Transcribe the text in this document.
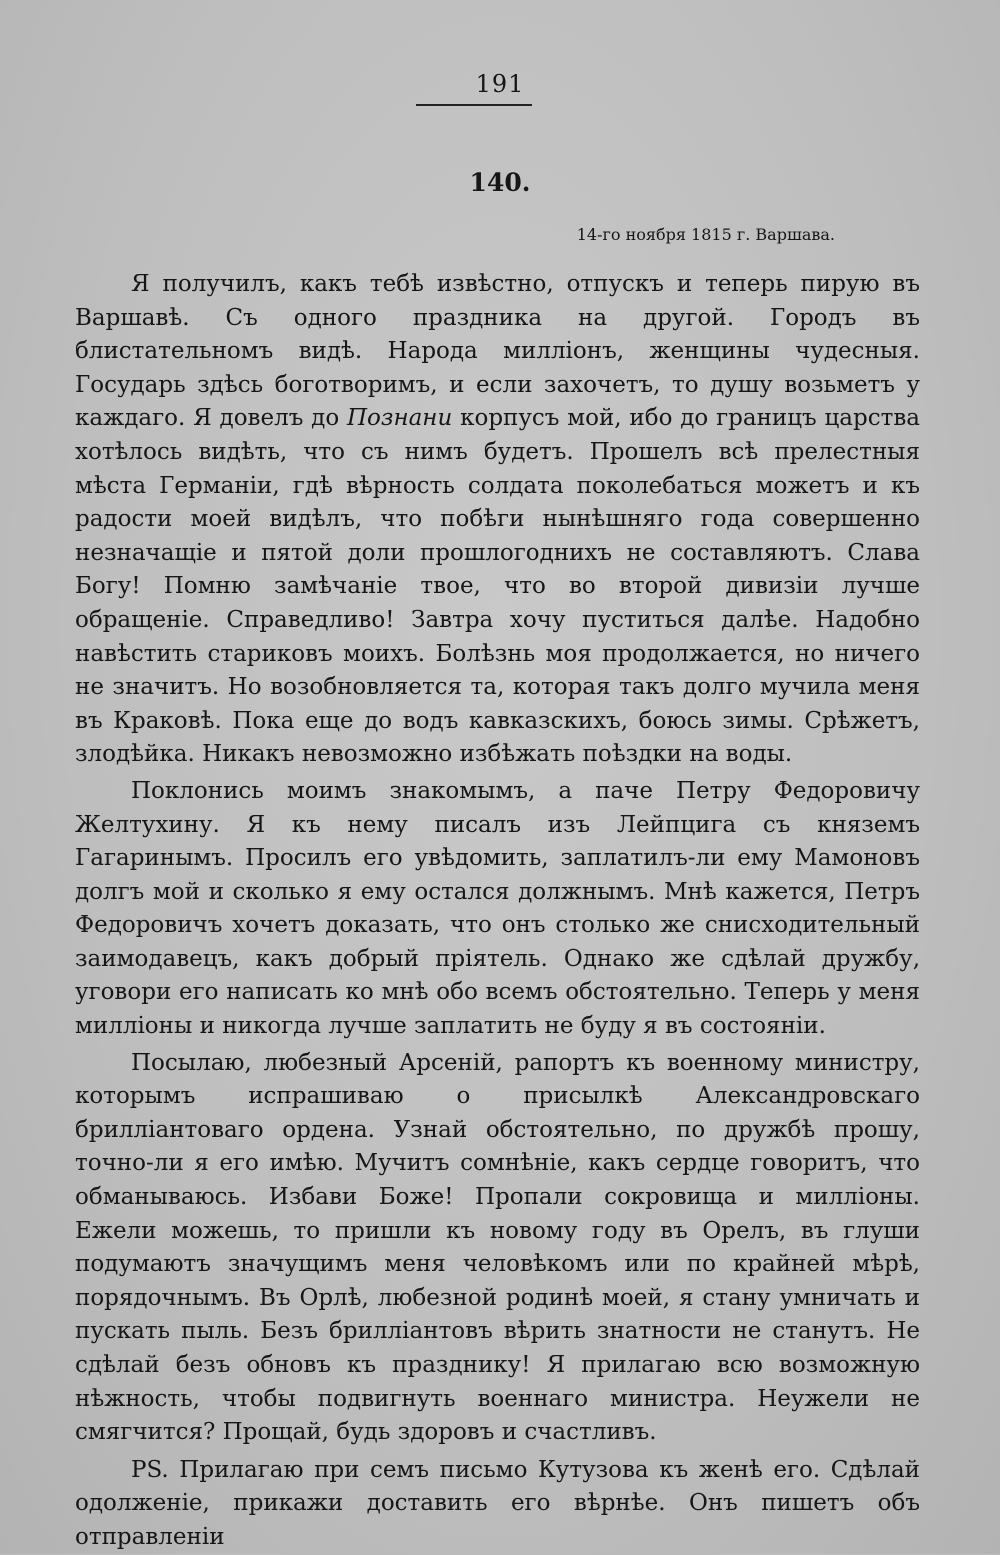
191
140.
14-го ноября 1815 г. Варшава.

Я получилъ, какъ тебѣ извѣстно, отпускъ и теперь пирую въ Варшавѣ. Съ одного праздника на другой. Городъ въ блистательномъ видѣ. Народа милліонъ, женщины чудесныя. Государь здѣсь боготворимъ, и если захочетъ, то душу возьметъ у каждаго. Я довелъ до Познани корпусъ мой, ибо до границъ царства хотѣлось видѣть, что съ нимъ будетъ. Прошелъ всѣ прелестныя мѣста Германіи, гдѣ вѣрность солдата поколебаться можетъ и къ радости моей видѣлъ, что побѣги нынѣшняго года совершенно незначащіе и пятой доли прошлогоднихъ не составляютъ. Слава Богу! Помню замѣчаніе твое, что во второй дивизіи лучше обращеніе. Справедливо! Завтра хочу пуститься далѣе. Надобно навѣстить стариковъ моихъ. Болѣзнь моя продолжается, но ничего не значитъ. Но возобновляется та, которая такъ долго мучила меня въ Краковѣ. Пока еще до водъ кавказскихъ, боюсь зимы. Срѣжетъ, злодѣйка. Никакъ невозможно избѣжать поѣздки на воды.

Поклонись моимъ знакомымъ, а паче Петру Федоровичу Желтухину. Я къ нему писалъ изъ Лейпцига съ княземъ Гагаринымъ. Просилъ его увѣдомить, заплатилъ-ли ему Мамоновъ долгъ мой и сколько я ему остался должнымъ. Мнѣ кажется, Петръ Федоровичъ хочетъ доказать, что онъ столько же снисходительный заимодавецъ, какъ добрый пріятель. Однако же сдѣлай дружбу, уговори его написать ко мнѣ обо всемъ обстоятельно. Теперь у меня милліоны и никогда лучше заплатить не буду я въ состояніи.

Посылаю, любезный Арсеній, рапортъ къ военному министру, которымъ испрашиваю о присылкѣ Александровскаго брилліантоваго ордена. Узнай обстоятельно, по дружбѣ прошу, точно-ли я его имѣю. Мучитъ сомнѣніе, какъ сердце говоритъ, что обманываюсь. Избави Боже! Пропали сокровища и милліоны. Ежели можешь, то пришли къ новому году въ Орелъ, въ глуши подумаютъ значущимъ меня человѣкомъ или по крайней мѣрѣ, порядочнымъ. Въ Орлѣ, любезной родинѣ моей, я стану умничать и пускать пыль. Безъ брилліантовъ вѣрить знатности не станутъ. Не сдѣлай безъ обновъ къ празднику! Я прилагаю всю возможную нѣжность, чтобы подвигнуть военнаго министра. Неужели не смягчится? Прощай, будь здоровъ и счастливъ.

PS. Прилагаю при семъ письмо Кутузова къ женѣ его. Сдѣлай одолженіе, прикажи доставить его вѣрнѣе. Онъ пишетъ объ отправленіи
